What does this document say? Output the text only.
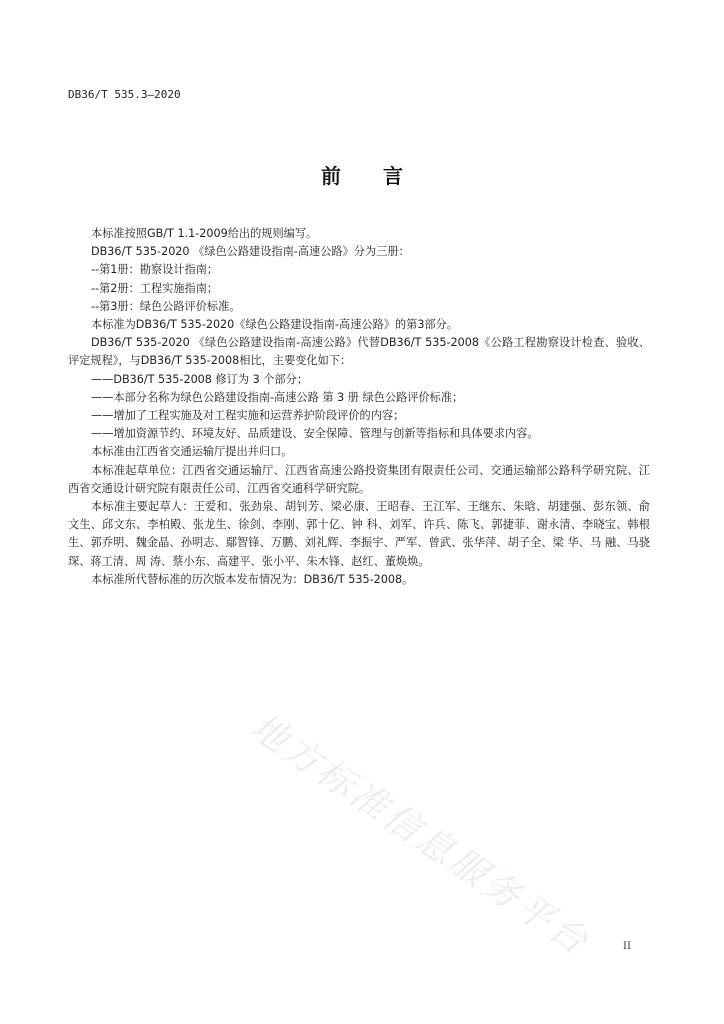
DB36/T 535.3—2020
前 言

本标准按照GB/T 1.1-2009给出的规则编写。

DB36/T 535-2020 《绿色公路建设指南-高速公路》分为三册：

--第1册：勘察设计指南；

--第2册：工程实施指南；

--第3册：绿色公路评价标准。

本标准为DB36/T 535-2020《绿色公路建设指南-高速公路》的第3部分。

DB36/T 535-2020 《绿色公路建设指南-高速公路》代替DB36/T 535-2008《公路工程勘察设计检查、验收、评定规程》，与DB36/T 535-2008相比，主要变化如下：

——DB36/T 535-2008 修订为 3 个部分；

——本部分名称为绿色公路建设指南-高速公路 第 3 册 绿色公路评价标准；

——增加了工程实施及对工程实施和运营养护阶段评价的内容；

——增加资源节约、环境友好、品质建设、安全保障、管理与创新等指标和具体要求内容。

本标准由江西省交通运输厅提出并归口。

本标准起草单位：江西省交通运输厅、江西省高速公路投资集团有限责任公司、交通运输部公路科学研究院、江西省交通设计研究院有限责任公司、江西省交通科学研究院。

本标准主要起草人：王爱和、张劲泉、胡钊芳、梁必康、王昭春、王江军、王继东、朱晗、胡建强、彭东领、俞文生、邱文东、李柏殿、张龙生、徐剑、李刚、郭十亿、钟 科、刘军、许兵、陈飞、郭捷菲、谢永清、李晓宝、韩根生、郭乔明、魏金晶、孙明志、鄢智锋、万鹏、刘礼辉、李振宇、严军、曾武、张华萍、胡子全、梁 华、马 融、马骁琛、蒋工清、周 涛、蔡小东、高建平、张小平、朱木锋、赵红、董焕焕。

本标准所代替标准的历次版本发布情况为：DB36/T 535-2008。

地方标准信息服务平台	II
